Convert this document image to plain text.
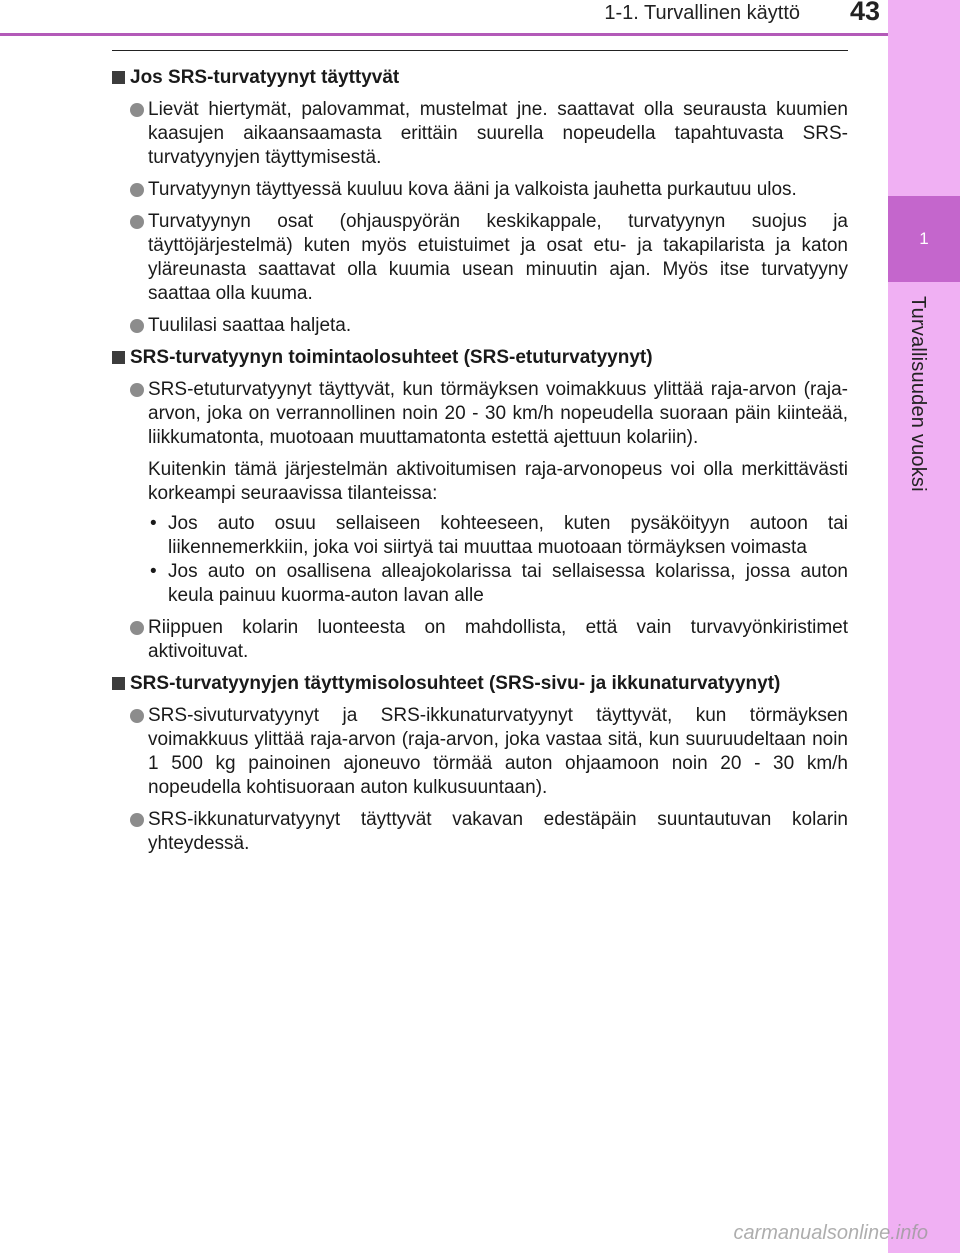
1-1. Turvallinen käyttö	43
1
Turvallisuuden vuoksi
Jos SRS-turvatyynyt täyttyvät

Lievät hiertymät, palovammat, mustelmat jne. saattavat olla seurausta kuumien kaasujen aikaansaamasta erittäin suurella nopeudella tapahtuvasta SRS-turvatyynyjen täyttymisestä.

Turvatyynyn täyttyessä kuuluu kova ääni ja valkoista jauhetta purkautuu ulos.

Turvatyynyn osat (ohjauspyörän keskikappale, turvatyynyn suojus ja täyttöjärjestelmä) kuten myös etuistuimet ja osat etu- ja takapilarista ja katon yläreunasta saattavat olla kuumia usean minuutin ajan. Myös itse turvatyyny saattaa olla kuuma.

Tuulilasi saattaa haljeta.

SRS-turvatyynyn toimintaolosuhteet (SRS-etuturvatyynyt)

SRS-etuturvatyynyt täyttyvät, kun törmäyksen voimakkuus ylittää raja-arvon (raja-arvon, joka on verrannollinen noin 20 - 30 km/h nopeudella suoraan päin kiinteää, liikkumatonta, muotoaan muuttamatonta estettä ajettuun kolariin).

Kuitenkin tämä järjestelmän aktivoitumisen raja-arvonopeus voi olla merkittävästi korkeampi seuraavissa tilanteissa:

• Jos auto osuu sellaiseen kohteeseen, kuten pysäköityyn autoon tai liikennemerkkiin, joka voi siirtyä tai muuttaa muotoaan törmäyksen voimasta
• Jos auto on osallisena alleajokolarissa tai sellaisessa kolarissa, jossa auton keula painuu kuorma-auton lavan alle

Riippuen kolarin luonteesta on mahdollista, että vain turvavyönkiristimet aktivoituvat.

SRS-turvatyynyjen täyttymisolosuhteet (SRS-sivu- ja ikkunaturvatyynyt)

SRS-sivuturvatyynyt ja SRS-ikkunaturvatyynyt täyttyvät, kun törmäyksen voimakkuus ylittää raja-arvon (raja-arvon, joka vastaa sitä, kun suuruudeltaan noin 1 500 kg painoinen ajoneuvo törmää auton ohjaamoon noin 20 - 30 km/h nopeudella kohtisuoraan auton kulkusuuntaan).

SRS-ikkunaturvatyynyt täyttyvät vakavan edestäpäin suuntautuvan kolarin yhteydessä.

carmanualsonline.info
